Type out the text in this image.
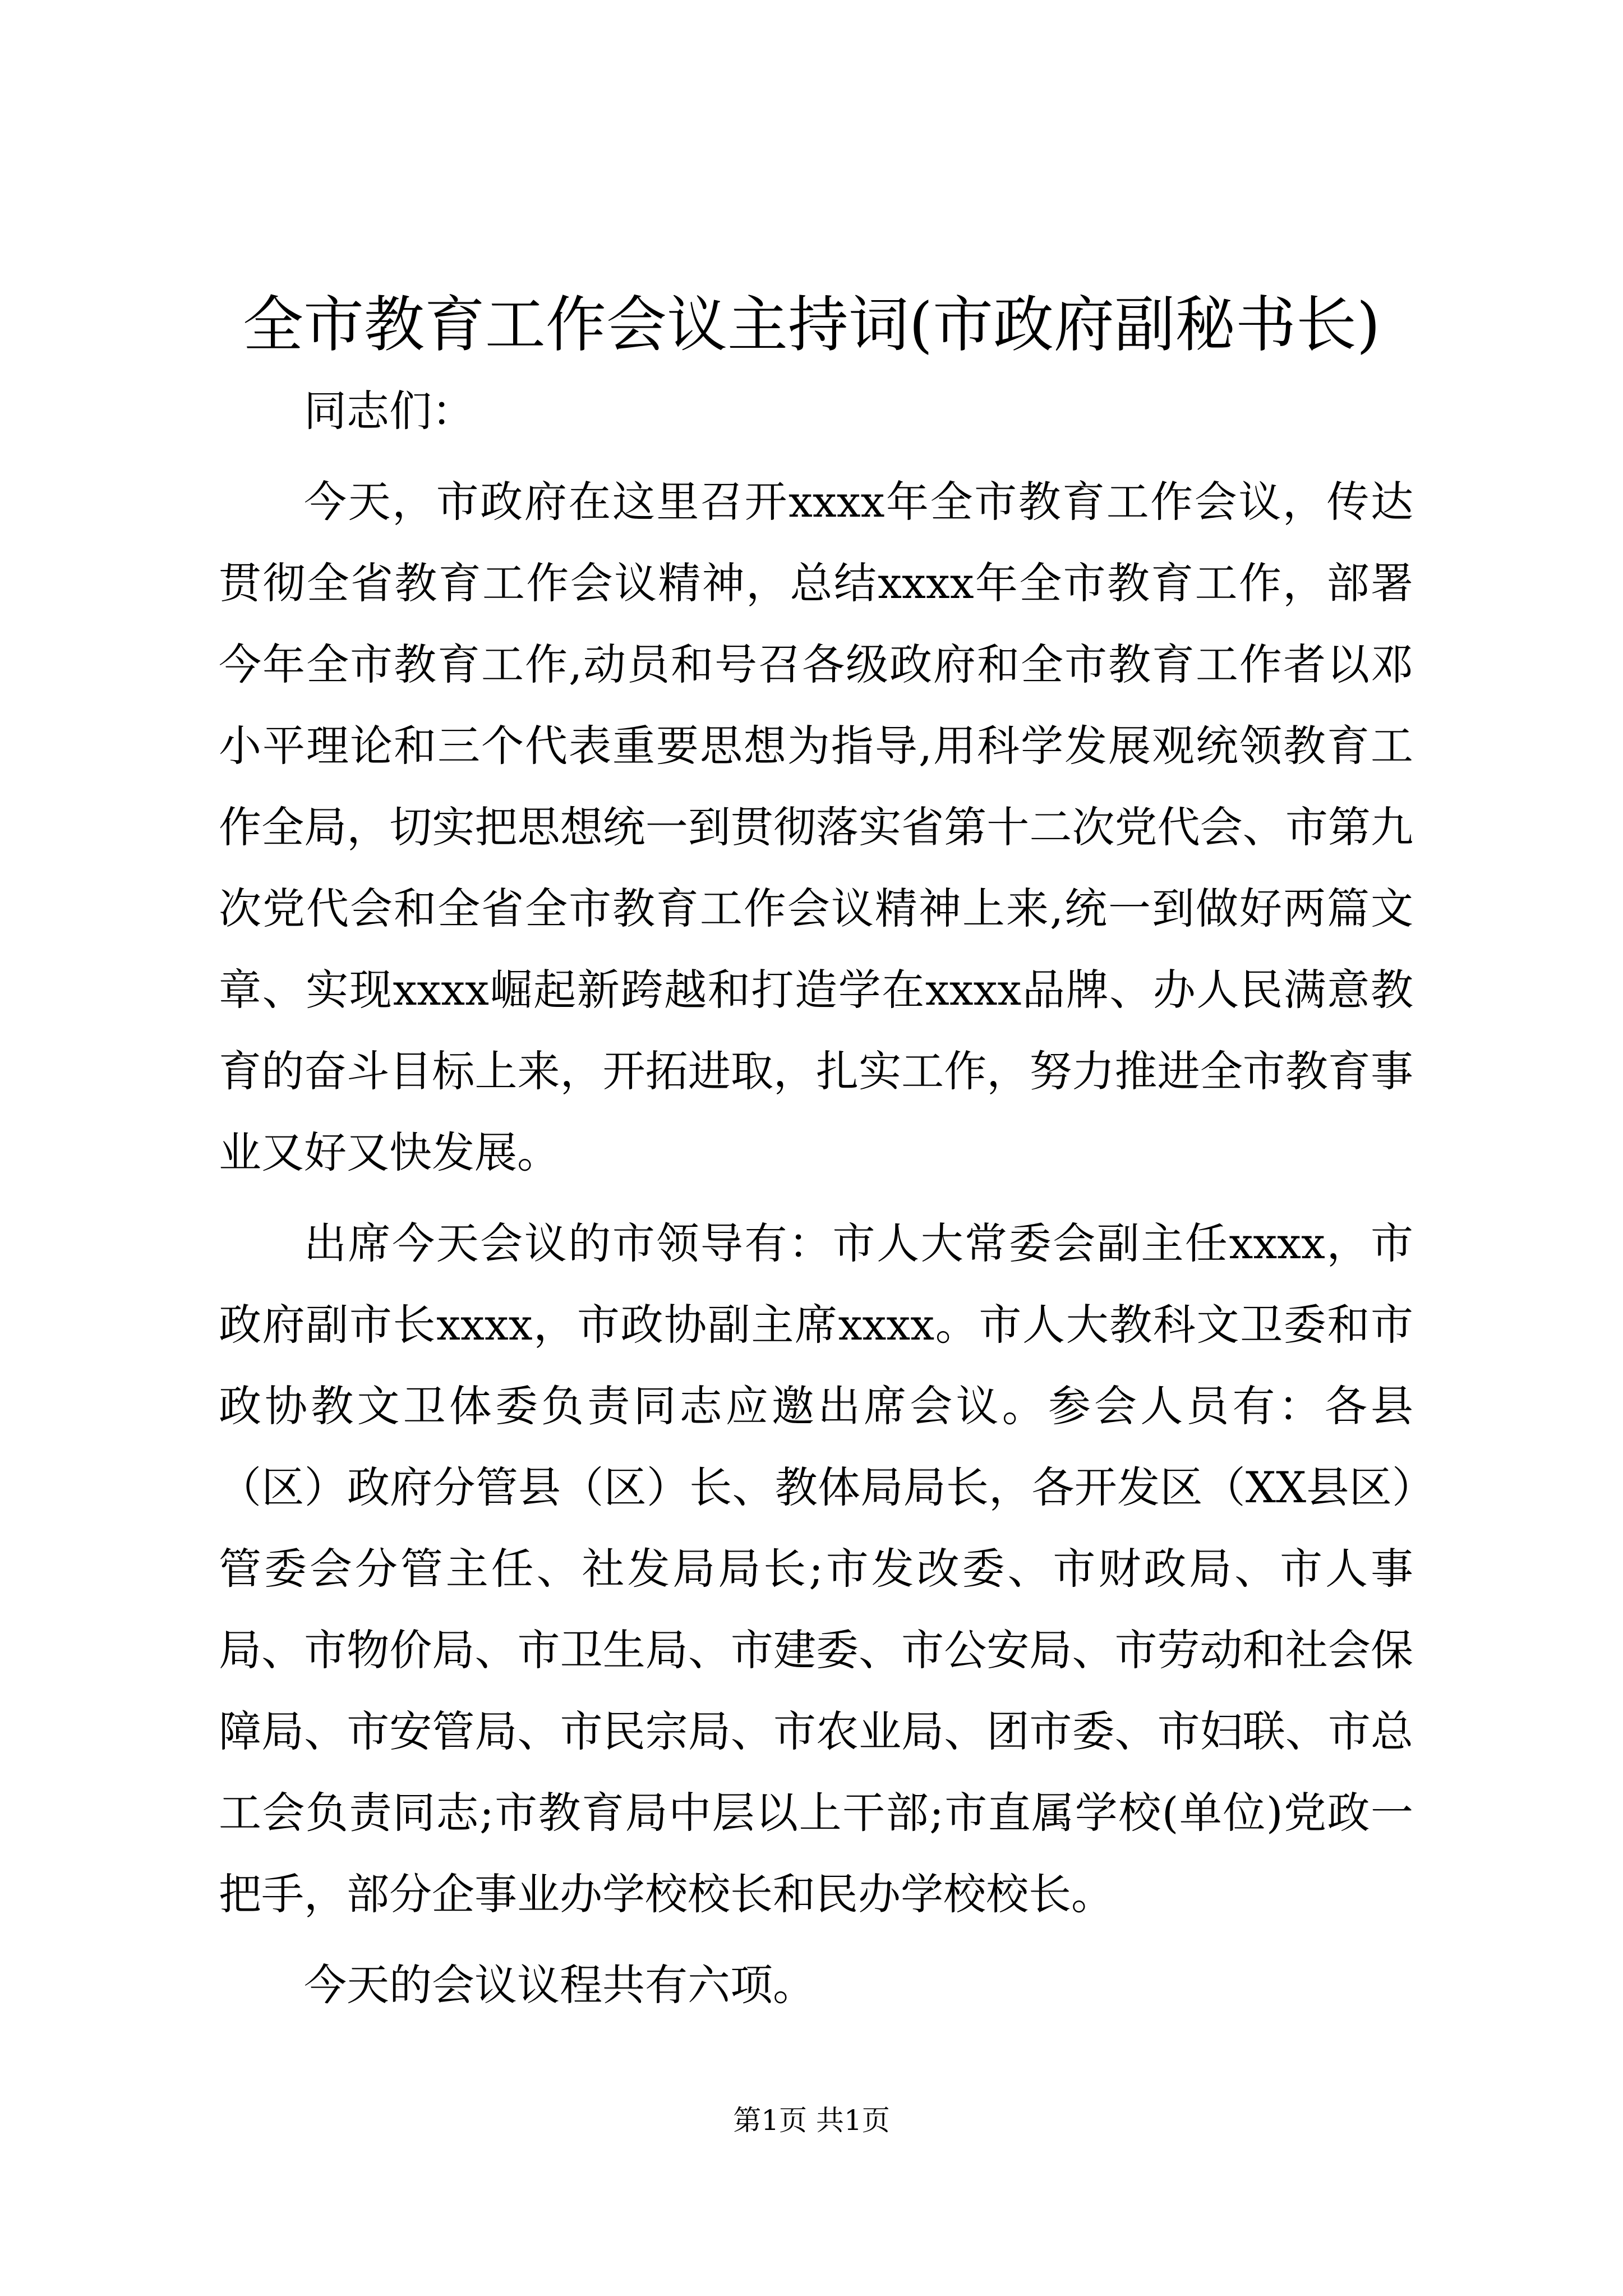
全市教育工作会议主持词(市政府副秘书长)

同志们：

今天，市政府在这里召开xxxx年全市教育工作会议，传达贯彻全省教育工作会议精神，总结xxxx年全市教育工作，部署今年全市教育工作,动员和号召各级政府和全市教育工作者以邓小平理论和三个代表重要思想为指导,用科学发展观统领教育工作全局，切实把思想统一到贯彻落实省第十二次党代会、市第九次党代会和全省全市教育工作会议精神上来,统一到做好两篇文章、实现xxxx崛起新跨越和打造学在xxxx品牌、办人民满意教育的奋斗目标上来，开拓进取，扎实工作，努力推进全市教育事业又好又快发展。

出席今天会议的市领导有：市人大常委会副主任xxxx，市政府副市长xxxx，市政协副主席xxxx。市人大教科文卫委和市政协教文卫体委负责同志应邀出席会议。参会人员有：各县（区）政府分管县（区）长、教体局局长，各开发区（XX县区）管委会分管主任、社发局局长;市发改委、市财政局、市人事局、市物价局、市卫生局、市建委、市公安局、市劳动和社会保障局、市安管局、市民宗局、市农业局、团市委、市妇联、市总工会负责同志;市教育局中层以上干部;市直属学校(单位)党政一把手，部分企事业办学校校长和民办学校校长。

今天的会议议程共有六项。

第1页 共1页
